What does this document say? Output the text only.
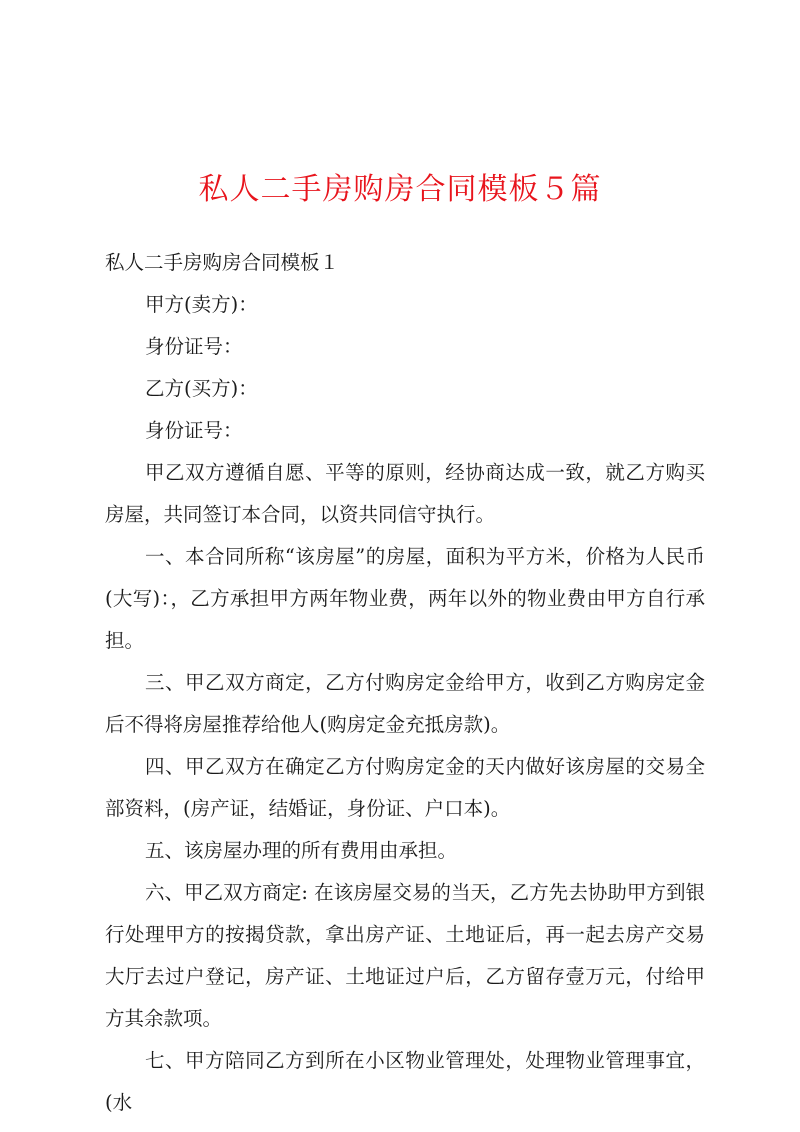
私人二手房购房合同模板５篇

私人二手房购房合同模板１

甲方(卖方)：

身份证号：

乙方(买方)：

身份证号：

甲乙双方遵循自愿、平等的原则，经协商达成一致，就乙方购买房屋，共同签订本合同，以资共同信守执行。

一、本合同所称“该房屋”的房屋，面积为平方米，价格为人民币(大写)：，乙方承担甲方两年物业费，两年以外的物业费由甲方自行承担。

三、甲乙双方商定，乙方付购房定金给甲方，收到乙方购房定金后不得将房屋推荐给他人(购房定金充抵房款)。

四、甲乙双方在确定乙方付购房定金的天内做好该房屋的交易全部资料，(房产证，结婚证，身份证、户口本)。

五、该房屋办理的所有费用由承担。

六、甲乙双方商定: 在该房屋交易的当天，乙方先去协助甲方到银行处理甲方的按揭贷款，拿出房产证、土地证后，再一起去房产交易大厅去过户登记，房产证、土地证过户后，乙方留存壹万元，付给甲方其余款项。

七、甲方陪同乙方到所在小区物业管理处，处理物业管理事宜，(水
